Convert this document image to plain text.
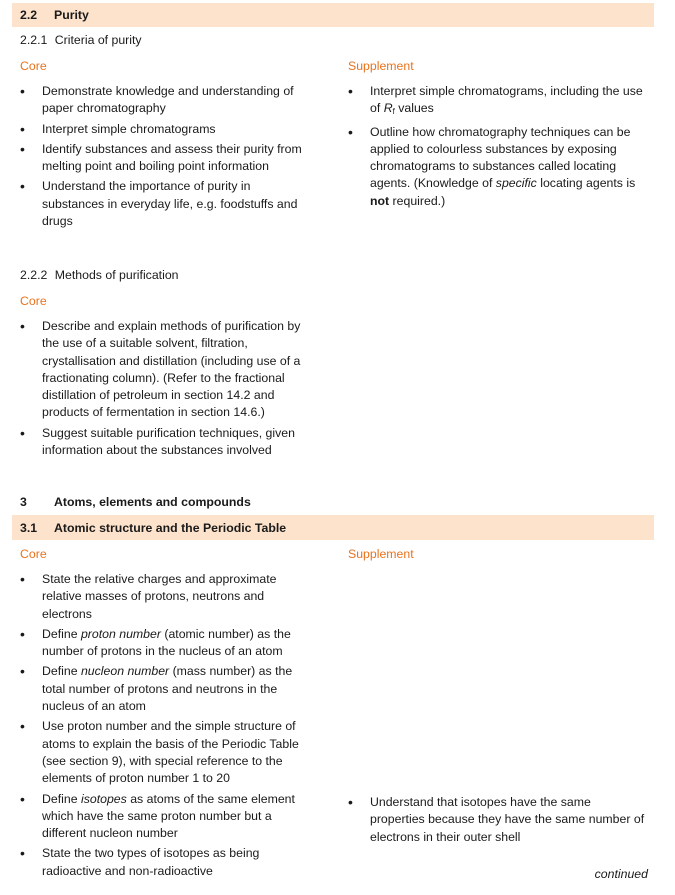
2.2 Purity
2.2.1 Criteria of purity
Core	Supplement
• Demonstrate knowledge and understanding of paper chromatography
• Interpret simple chromatograms
• Identify substances and assess their purity from melting point and boiling point information
• Understand the importance of purity in substances in everyday life, e.g. foodstuffs and drugs
• Interpret simple chromatograms, including the use of $R_f$ values
• Outline how chromatography techniques can be applied to colourless substances by exposing chromatograms to substances called locating agents. (Knowledge of specific locating agents is not required.)
2.2.2 Methods of purification
Core
• Describe and explain methods of purification by the use of a suitable solvent, filtration, crystallisation and distillation (including use of a fractionating column). (Refer to the fractional distillation of petroleum in section 14.2 and products of fermentation in section 14.6.)
• Suggest suitable purification techniques, given information about the substances involved
3 Atoms, elements and compounds
3.1 Atomic structure and the Periodic Table
Core	Supplement
• State the relative charges and approximate relative masses of protons, neutrons and electrons
• Define proton number (atomic number) as the number of protons in the nucleus of an atom
• Define nucleon number (mass number) as the total number of protons and neutrons in the nucleus of an atom
• Use proton number and the simple structure of atoms to explain the basis of the Periodic Table (see section 9), with special reference to the elements of proton number 1 to 20
• Define isotopes as atoms of the same element which have the same proton number but a different nucleon number
• State the two types of isotopes as being radioactive and non-radioactive
• Understand that isotopes have the same properties because they have the same number of electrons in their outer shell
continued
